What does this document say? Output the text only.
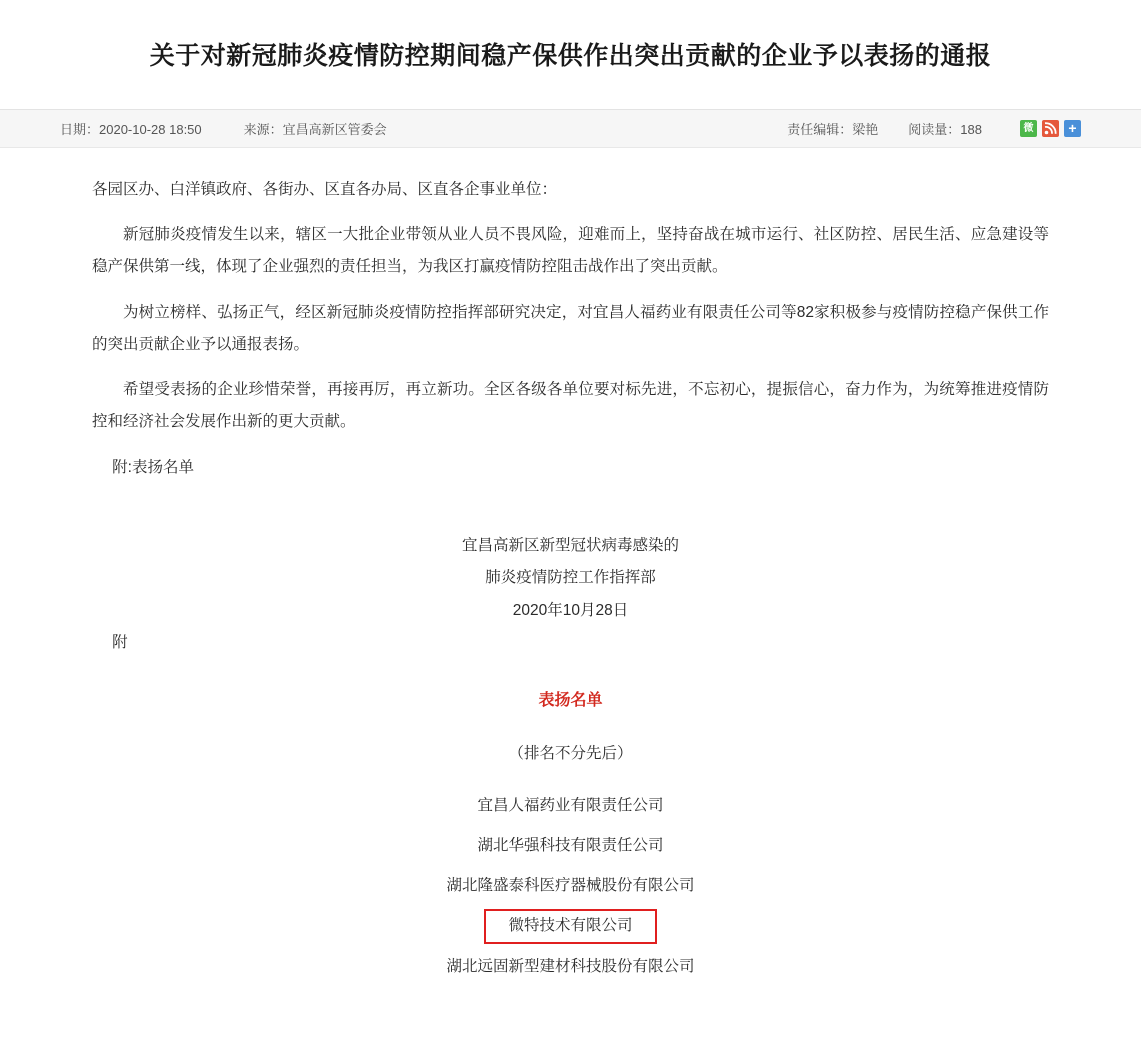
关于对新冠肺炎疫情防控期间稳产保供作出突出贡献的企业予以表扬的通报
日期：2020-10-28 18:50	来源：宜昌高新区管委会	责任编辑：梁艳 阅读量：188	微
+

各园区办、白洋镇政府、各街办、区直各办局、区直各企事业单位：

新冠肺炎疫情发生以来，辖区一大批企业带领从业人员不畏风险，迎难而上，坚持奋战在城市运行、社区防控、居民生活、应急建设等稳产保供第一线，体现了企业强烈的责任担当，为我区打赢疫情防控阻击战作出了突出贡献。

为树立榜样、弘扬正气，经区新冠肺炎疫情防控指挥部研究决定，对宜昌人福药业有限责任公司等82家积极参与疫情防控稳产保供工作的突出贡献企业予以通报表扬。

希望受表扬的企业珍惜荣誉，再接再厉，再立新功。全区各级各单位要对标先进，不忘初心，提振信心，奋力作为，为统筹推进疫情防控和经济社会发展作出新的更大贡献。

附:表扬名单

宜昌高新区新型冠状病毒感染的
肺炎疫情防控工作指挥部
2020年10月28日

附

表扬名单
（排名不分先后）
宜昌人福药业有限责任公司
湖北华强科技有限责任公司
湖北隆盛泰科医疗器械股份有限公司
微特技术有限公司
湖北远固新型建材科技股份有限公司
